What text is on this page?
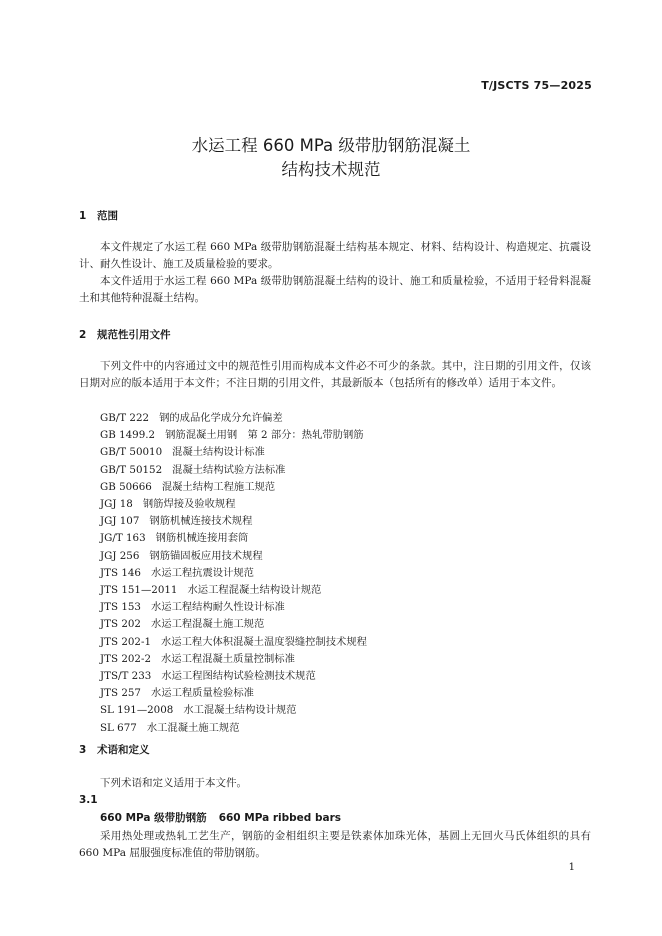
T/JSCTS 75—2025
水运工程 660 MPa 级带肋钢筋混凝土
结构技术规范
1 范围

本文件规定了水运工程 660 MPa 级带肋钢筋混凝土结构基本规定、材料、结构设计、构造规定、抗震设计、耐久性设计、施工及质量检验的要求。

本文件适用于水运工程 660 MPa 级带肋钢筋混凝土结构的设计、施工和质量检验，不适用于轻骨料混凝土和其他特种混凝土结构。

2 规范性引用文件

下列文件中的内容通过文中的规范性引用而构成本文件必不可少的条款。其中，注日期的引用文件，仅该日期对应的版本适用于本文件；不注日期的引用文件，其最新版本（包括所有的修改单）适用于本文件。

GB/T 222 钢的成品化学成分允许偏差
GB 1499.2 钢筋混凝土用钢　第 2 部分：热轧带肋钢筋
GB/T 50010 混凝土结构设计标准
GB/T 50152 混凝土结构试验方法标准
GB 50666 混凝土结构工程施工规范
JGJ 18 钢筋焊接及验收规程
JGJ 107 钢筋机械连接技术规程
JG/T 163 钢筋机械连接用套筒
JGJ 256 钢筋锚固板应用技术规程
JTS 146 水运工程抗震设计规范
JTS 151—2011 水运工程混凝土结构设计规范
JTS 153 水运工程结构耐久性设计标准
JTS 202 水运工程混凝土施工规范
JTS 202-1 水运工程大体积混凝土温度裂缝控制技术规程
JTS 202-2 水运工程混凝土质量控制标准
JTS/T 233 水运工程图结构试验检测技术规范
JTS 257 水运工程质量检验标准
SL 191—2008 水工混凝土结构设计规范
SL 677 水工混凝土施工规范
3 术语和定义

下列术语和定义适用于本文件。

3.1
660 MPa 级带肋钢筋 660 MPa ribbed bars

采用热处理或热轧工艺生产，钢筋的金相组织主要是铁素体加珠光体，基圆上无回火马氏体组织的具有 660 MPa 屈服强度标准值的带肋钢筋。

1
